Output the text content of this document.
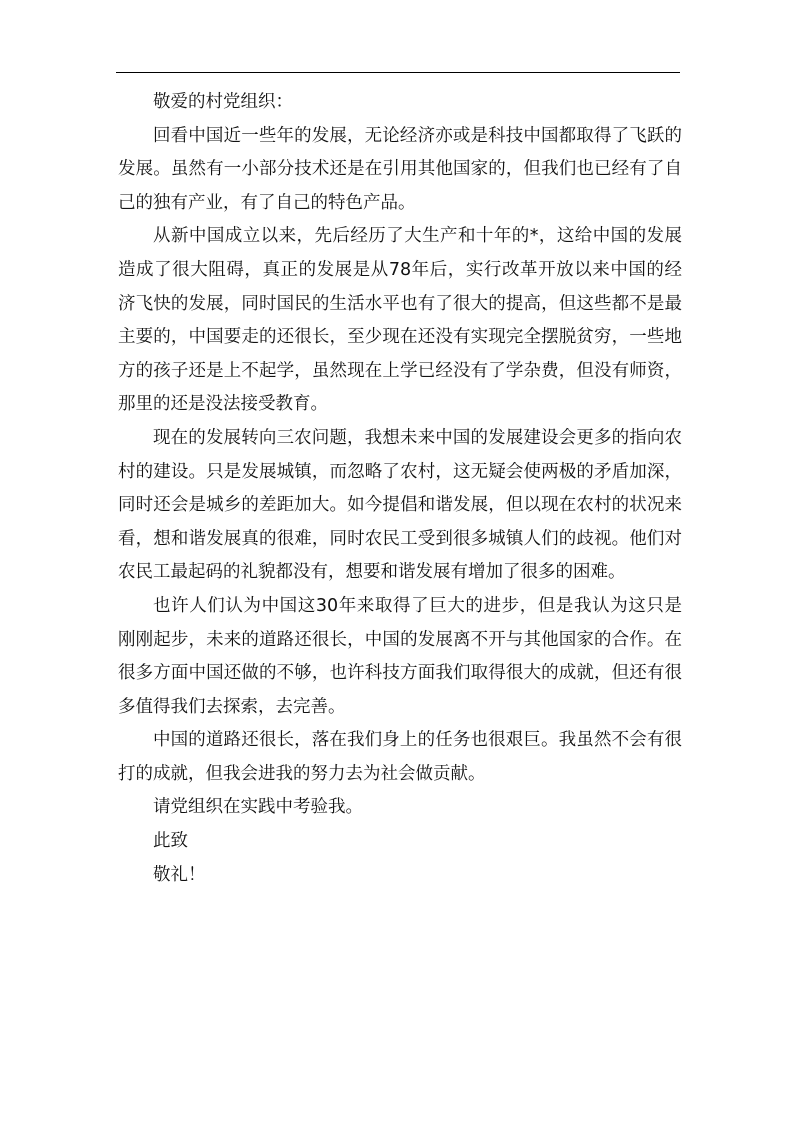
敬爱的村党组织：

回看中国近一些年的发展，无论经济亦或是科技中国都取得了飞跃的发展。虽然有一小部分技术还是在引用其他国家的，但我们也已经有了自己的独有产业，有了自己的特色产品。

从新中国成立以来，先后经历了大生产和十年的*，这给中国的发展造成了很大阻碍，真正的发展是从78年后，实行改革开放以来中国的经济飞快的发展，同时国民的生活水平也有了很大的提高，但这些都不是最主要的，中国要走的还很长，至少现在还没有实现完全摆脱贫穷，一些地方的孩子还是上不起学，虽然现在上学已经没有了学杂费，但没有师资，那里的还是没法接受教育。

现在的发展转向三农问题，我想未来中国的发展建设会更多的指向农村的建设。只是发展城镇，而忽略了农村，这无疑会使两极的矛盾加深，同时还会是城乡的差距加大。如今提倡和谐发展，但以现在农村的状况来看，想和谐发展真的很难，同时农民工受到很多城镇人们的歧视。他们对农民工最起码的礼貌都没有，想要和谐发展有增加了很多的困难。

也许人们认为中国这30年来取得了巨大的进步，但是我认为这只是刚刚起步，未来的道路还很长，中国的发展离不开与其他国家的合作。在很多方面中国还做的不够，也许科技方面我们取得很大的成就，但还有很多值得我们去探索，去完善。

中国的道路还很长，落在我们身上的任务也很艰巨。我虽然不会有很打的成就，但我会进我的努力去为社会做贡献。

请党组织在实践中考验我。

此致

敬礼！
